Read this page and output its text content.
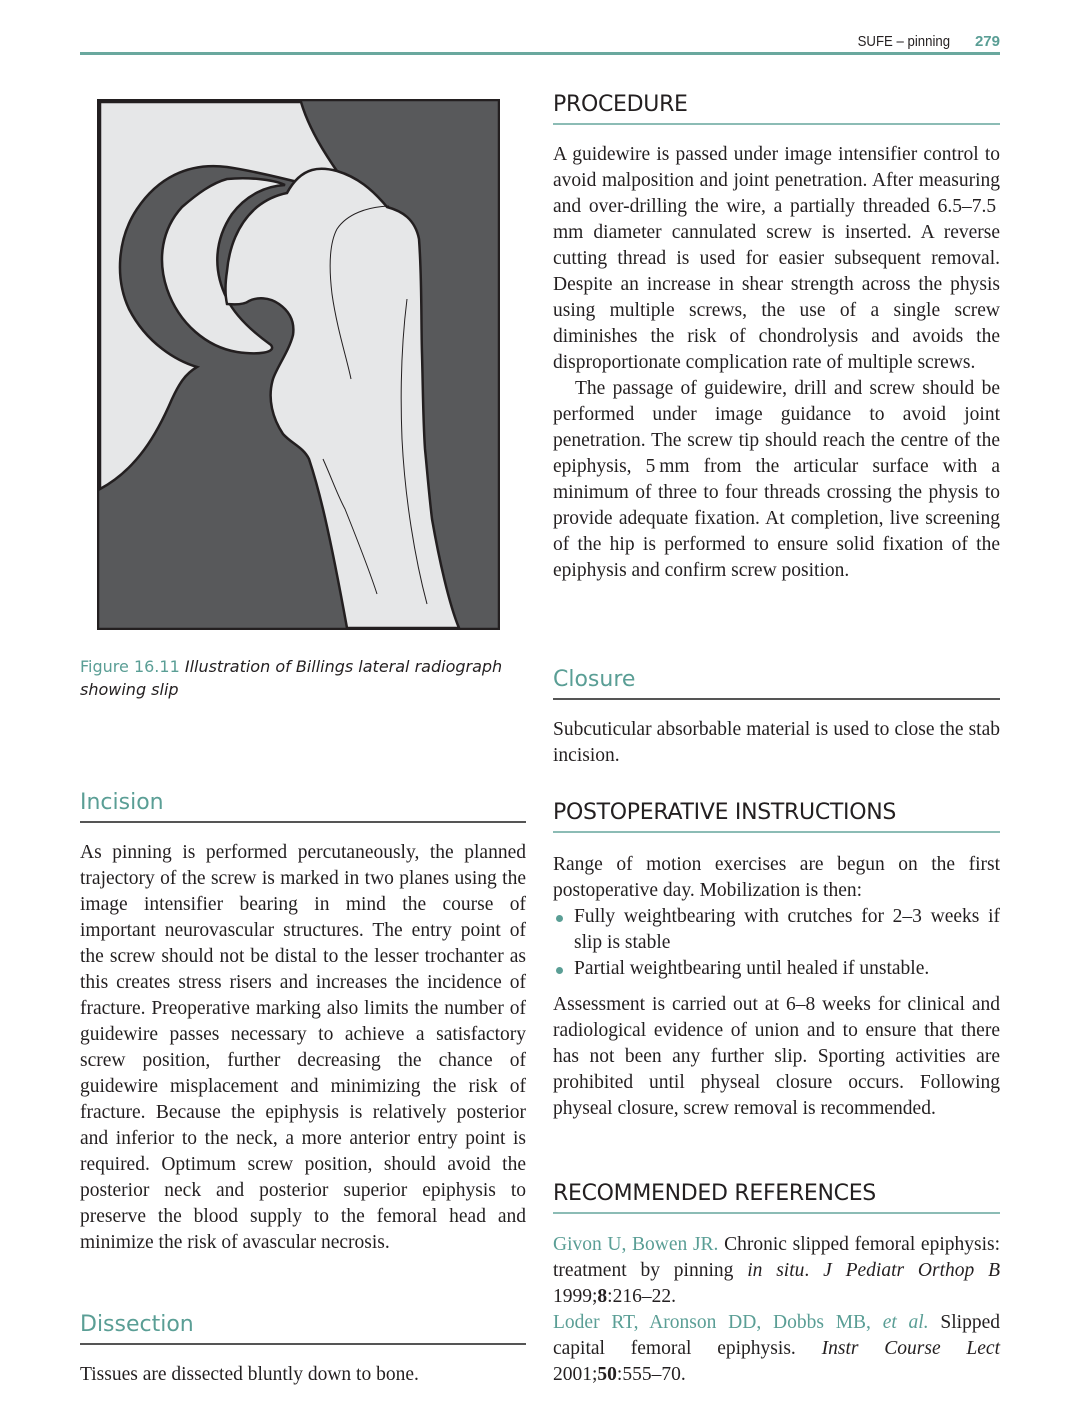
SUFE – pinning 279
Figure 16.11 Illustration of Billings lateral radiograph showing slip
Incision

As pinning is performed percutaneously, the planned trajectory of the screw is marked in two planes using the image intensifier bearing in mind the course of important neurovascular structures. The entry point of the screw should not be distal to the lesser trochanter as this creates stress risers and increases the incidence of fracture. Preoperative marking also limits the number of guidewire passes necessary to achieve a satisfactory screw position, further decreasing the chance of guidewire misplacement and minimizing the risk of fracture. Because the epiphysis is relatively posterior and inferior to the neck, a more anterior entry point is required. Optimum screw position, should avoid the posterior neck and posterior superior epiphysis to preserve the blood supply to the femoral head and minimize the risk of avascular necrosis.

Dissection

Tissues are dissected bluntly down to bone.

PROCEDURE

A guidewire is passed under image intensifier control to avoid malposition and joint penetration. After measuring and over-drilling the wire, a partially threaded 6.5–7.5 mm diameter cannulated screw is inserted. A reverse cutting thread is used for easier subsequent removal. Despite an increase in shear strength across the physis using multiple screws, the use of a single screw diminishes the risk of chondrolysis and avoids the disproportionate complication rate of multiple screws.

The passage of guidewire, drill and screw should be performed under image guidance to avoid joint penetration. The screw tip should reach the centre of the epiphysis, 5 mm from the articular surface with a minimum of three to four threads crossing the physis to provide adequate fixation. At completion, live screening of the hip is performed to ensure solid fixation of the epiphysis and confirm screw position.

Closure

Subcuticular absorbable material is used to close the stab incision.

POSTOPERATIVE INSTRUCTIONS

Range of motion exercises are begun on the first postoperative day. Mobilization is then:

Fully weightbearing with crutches for 2–3 weeks if slip is stable
Partial weightbearing until healed if unstable.

Assessment is carried out at 6–8 weeks for clinical and radiological evidence of union and to ensure that there has not been any further slip. Sporting activities are prohibited until physeal closure occurs. Following physeal closure, screw removal is recommended.

RECOMMENDED REFERENCES

Givon U, Bowen JR. Chronic slipped femoral epiphysis: treatment by pinning in situ. J Pediatr Orthop B 1999;8:216–22.

Loder RT, Aronson DD, Dobbs MB, et al. Slipped capital femoral epiphysis. Instr Course Lect 2001;50:555–70.
